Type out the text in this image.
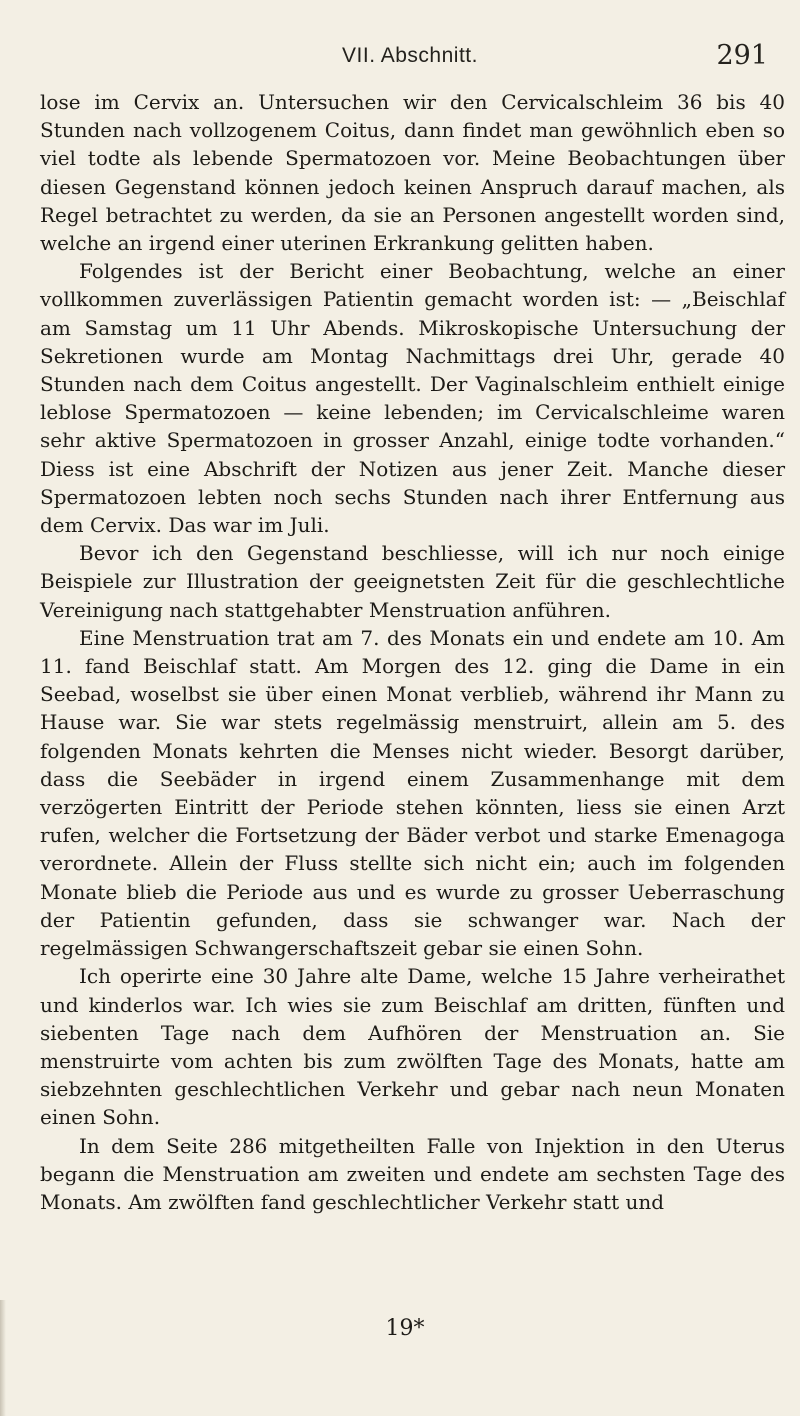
VII. Abschnitt.	291

lose im Cervix an. Untersuchen wir den Cervicalschleim 36 bis 40 Stunden nach vollzogenem Coitus, dann findet man gewöhnlich eben so viel todte als lebende Spermatozoen vor. Meine Beobachtungen über diesen Gegenstand können jedoch keinen Anspruch darauf machen, als Regel betrachtet zu werden, da sie an Personen angestellt worden sind, welche an irgend einer uterinen Erkrankung gelitten haben.

Folgendes ist der Bericht einer Beobachtung, welche an einer vollkommen zuverlässigen Patientin gemacht worden ist: — „Beischlaf am Samstag um 11 Uhr Abends. Mikroskopische Untersuchung der Sekretionen wurde am Montag Nachmittags drei Uhr, gerade 40 Stunden nach dem Coitus angestellt. Der Vaginalschleim enthielt einige leblose Spermatozoen — keine lebenden; im Cervicalschleime waren sehr aktive Spermatozoen in grosser Anzahl, einige todte vorhanden.“ Diess ist eine Abschrift der Notizen aus jener Zeit. Manche dieser Spermatozoen lebten noch sechs Stunden nach ihrer Entfernung aus dem Cervix. Das war im Juli.

Bevor ich den Gegenstand beschliesse, will ich nur noch einige Beispiele zur Illustration der geeignetsten Zeit für die geschlechtliche Vereinigung nach stattgehabter Menstruation anführen.

Eine Menstruation trat am 7. des Monats ein und endete am 10. Am 11. fand Beischlaf statt. Am Morgen des 12. ging die Dame in ein Seebad, woselbst sie über einen Monat verblieb, während ihr Mann zu Hause war. Sie war stets regelmässig menstruirt, allein am 5. des folgenden Monats kehrten die Menses nicht wieder. Besorgt darüber, dass die Seebäder in irgend einem Zusammenhange mit dem verzögerten Eintritt der Periode stehen könnten, liess sie einen Arzt rufen, welcher die Fortsetzung der Bäder verbot und starke Emenagoga verordnete. Allein der Fluss stellte sich nicht ein; auch im folgenden Monate blieb die Periode aus und es wurde zu grosser Ueberraschung der Patientin gefunden, dass sie schwanger war. Nach der regelmässigen Schwangerschaftszeit gebar sie einen Sohn.

Ich operirte eine 30 Jahre alte Dame, welche 15 Jahre verheirathet und kinderlos war. Ich wies sie zum Beischlaf am dritten, fünften und siebenten Tage nach dem Aufhören der Menstruation an. Sie menstruirte vom achten bis zum zwölften Tage des Monats, hatte am siebzehnten geschlechtlichen Verkehr und gebar nach neun Monaten einen Sohn.

In dem Seite 286 mitgetheilten Falle von Injektion in den Uterus begann die Menstruation am zweiten und endete am sechsten Tage des Monats. Am zwölften fand geschlechtlicher Verkehr statt und

19*
